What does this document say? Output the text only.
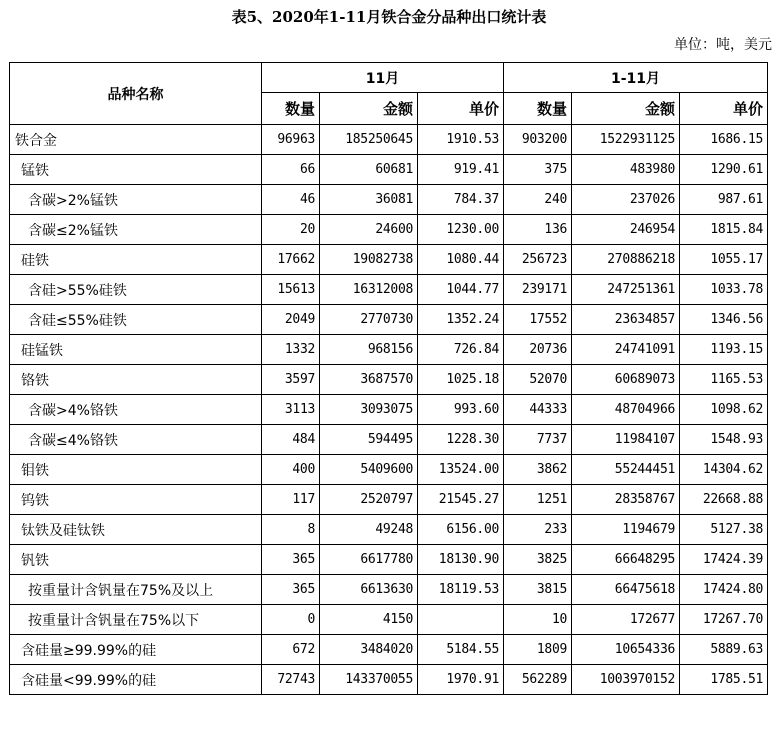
表5、2020年1-11月铁合金分品种出口统计表
单位：吨，美元
品种名称	11月			1-11月		
	数量	金额	单价	数量	金额	单价
铁合金	96963	185250645	1910.53	903200	1522931125	1686.15
锰铁	66	60681	919.41	375	483980	1290.61
含碳>2%锰铁	46	36081	784.37	240	237026	987.61
含碳≤2%锰铁	20	24600	1230.00	136	246954	1815.84
硅铁	17662	19082738	1080.44	256723	270886218	1055.17
含硅>55%硅铁	15613	16312008	1044.77	239171	247251361	1033.78
含硅≤55%硅铁	2049	2770730	1352.24	17552	23634857	1346.56
硅锰铁	1332	968156	726.84	20736	24741091	1193.15
铬铁	3597	3687570	1025.18	52070	60689073	1165.53
含碳>4%铬铁	3113	3093075	993.60	44333	48704966	1098.62
含碳≤4%铬铁	484	594495	1228.30	7737	11984107	1548.93
钼铁	400	5409600	13524.00	3862	55244451	14304.62
钨铁	117	2520797	21545.27	1251	28358767	22668.88
钛铁及硅钛铁	8	49248	6156.00	233	1194679	5127.38
钒铁	365	6617780	18130.90	3825	66648295	17424.39
按重量计含钒量在75%及以上	365	6613630	18119.53	3815	66475618	17424.80
按重量计含钒量在75%以下	0	4150		10	172677	17267.70
含硅量≥99.99%的硅	672	3484020	5184.55	1809	10654336	5889.63
含硅量<99.99%的硅	72743	143370055	1970.91	562289	1003970152	1785.51
